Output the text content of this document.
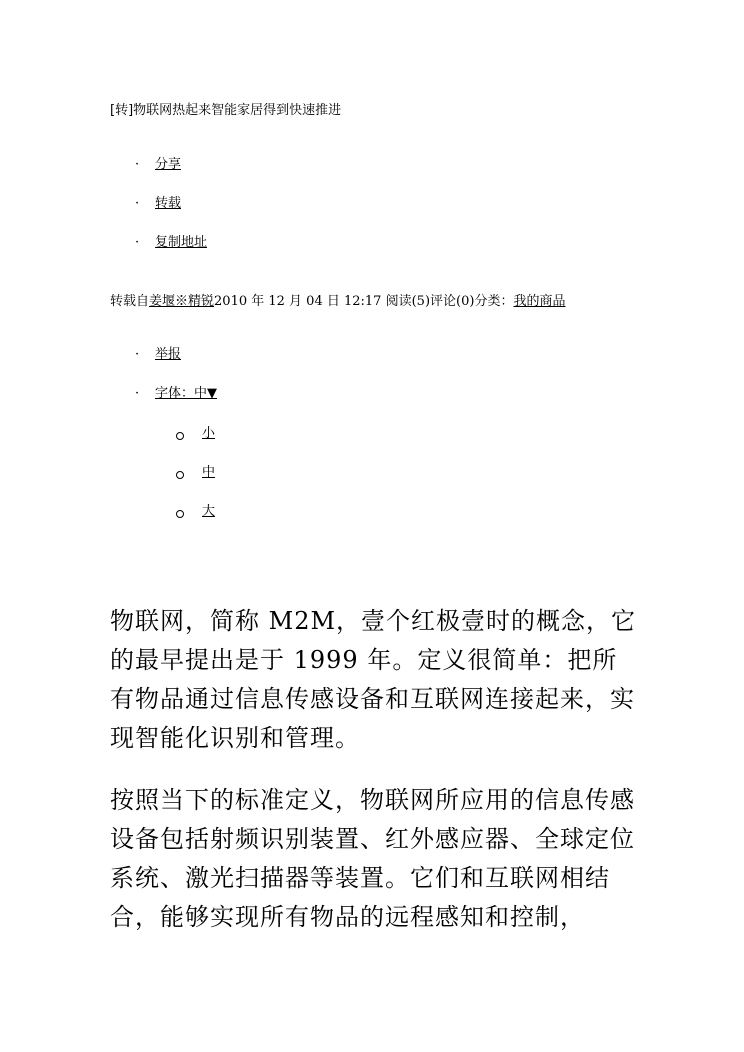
[转]物联网热起来智能家居得到快速推进
· 分享
· 转载
· 复制地址
转载自姜堰※精锐2010 年 12 月 04 日 12:17 阅读(5)评论(0)分类：我的商品
· 举报
· 字体：中▼
小
中
大

物联网，简称 M2M，壹个红极壹时的概念，它的最早提出是于 1999 年。定义很简单：把所有物品通过信息传感设备和互联网连接起来，实现智能化识别和管理。

按照当下的标准定义，物联网所应用的信息传感设备包括射频识别装置、红外感应器、全球定位系统、激光扫描器等装置。它们和互联网相结合，能够实现所有物品的远程感知和控制，
